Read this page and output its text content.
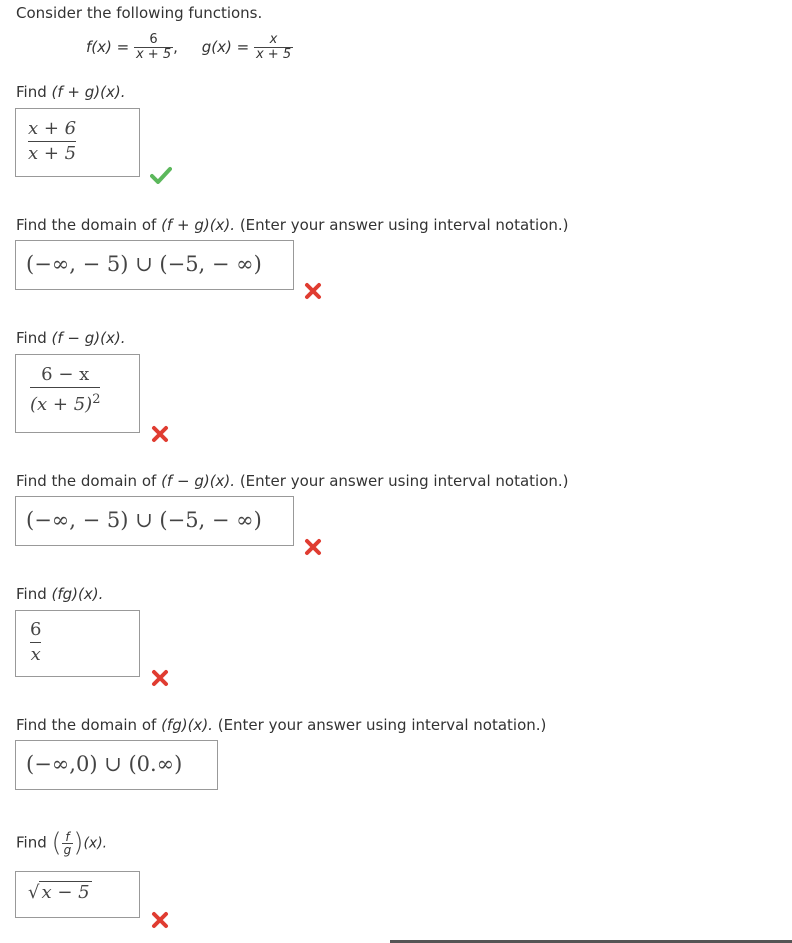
Consider the following functions.
$f(x) = \frac{6}{x + 5}$ , $g(x) = \frac{x}{x + 5}$
Find (f + g)(x).
$\frac{x + 6}{x + 5}$
Find the domain of (f + g)(x). (Enter your answer using interval notation.)
(−∞, − 5) ∪ (−5, − ∞)
Find (f − g)(x).
$\frac{6 - x}{(x + 5)^2}$
Find the domain of (f − g)(x). (Enter your answer using interval notation.)
(−∞, − 5) ∪ (−5, − ∞)
Find (fg)(x).
$\frac{6}{x}$
Find the domain of (fg)(x). (Enter your answer using interval notation.)
(−∞,0) ∪ (0.∞)
Find ( $\frac{f}{g} )(x)$.
√ x − 5
